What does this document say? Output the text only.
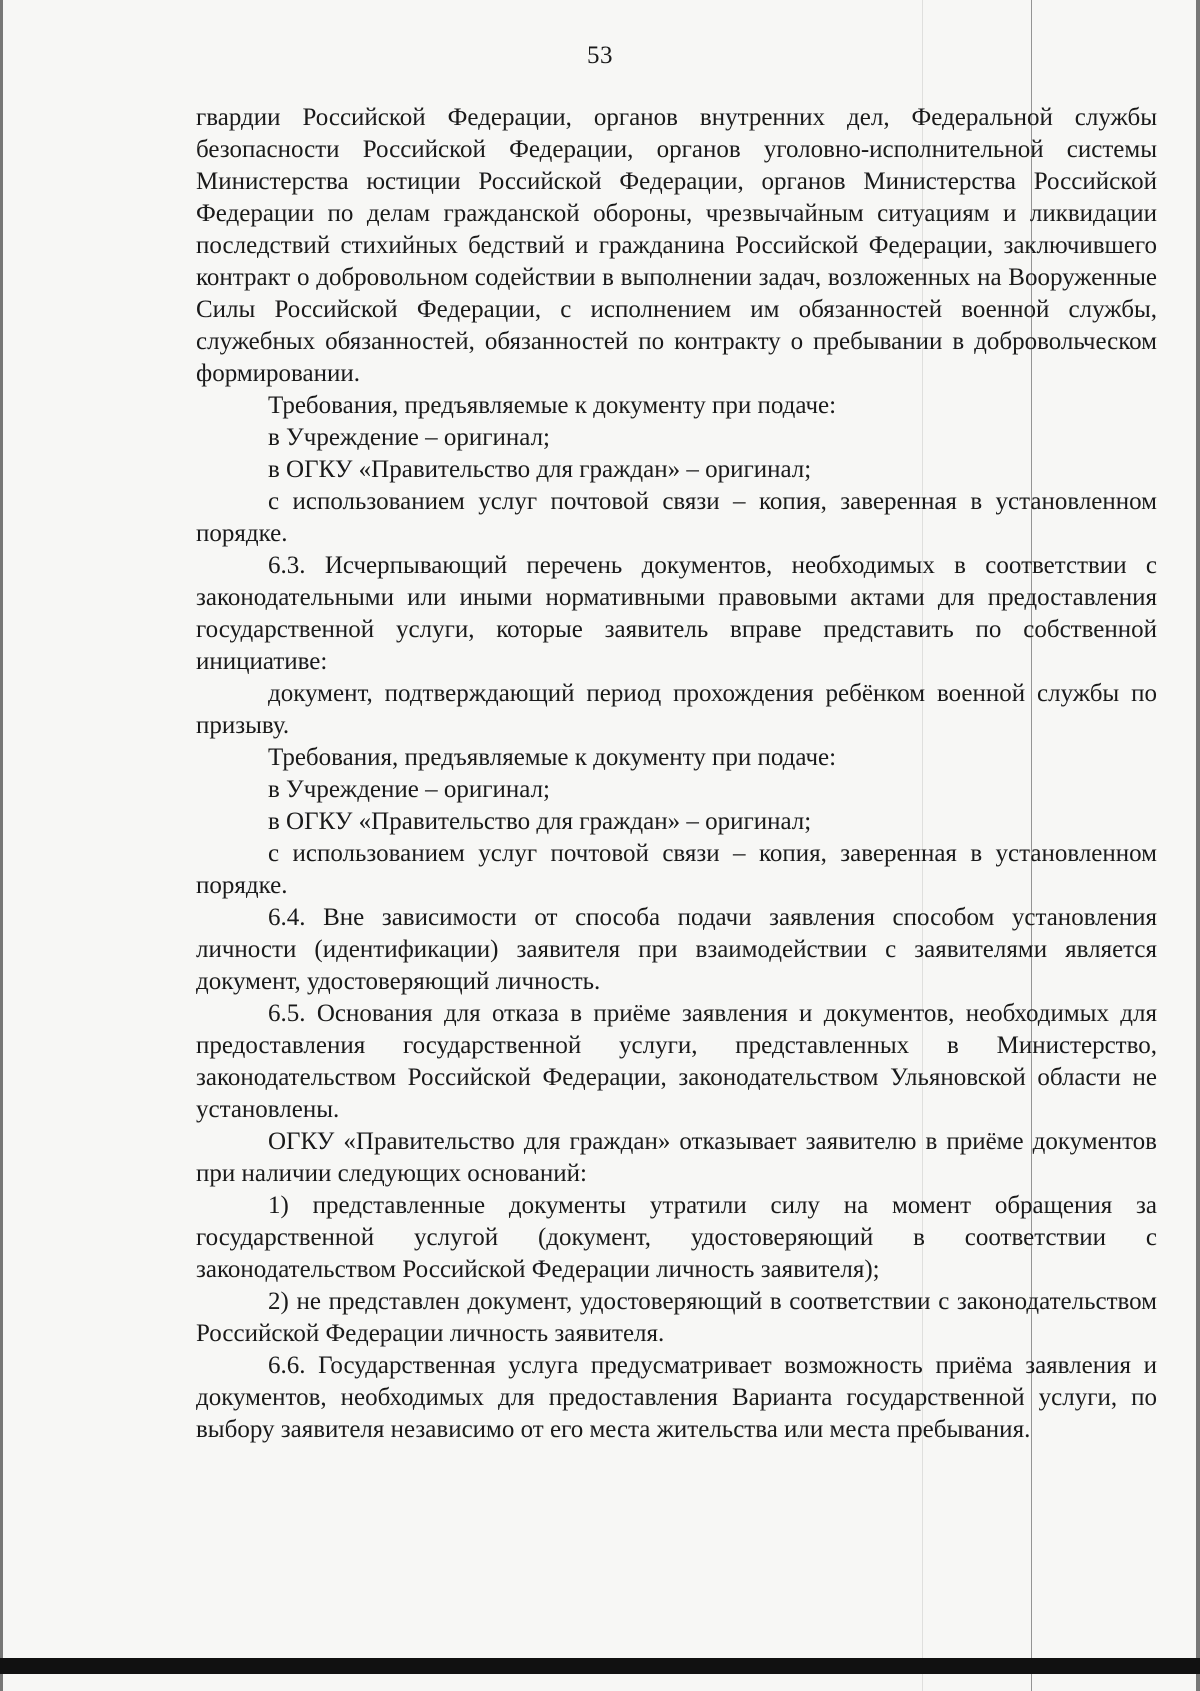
53

гвардии Российской Федерации, органов внутренних дел, Федеральной службы безопасности Российской Федерации, органов уголовно-исполнительной системы Министерства юстиции Российской Федерации, органов Министерства Российской Федерации по делам гражданской обороны, чрезвычайным ситуациям и ликвидации последствий стихийных бедствий и гражданина Российской Федерации, заключившего контракт о добровольном содействии в выполнении задач, возложенных на Вооруженные Силы Российской Федерации, с исполнением им обязанностей военной службы, служебных обязанностей, обязанностей по контракту о пребывании в добровольческом формировании.

Требования, предъявляемые к документу при подаче:

в Учреждение – оригинал;

в ОГКУ «Правительство для граждан» – оригинал;

с использованием услуг почтовой связи – копия, заверенная в установленном порядке.

6.3. Исчерпывающий перечень документов, необходимых в соответствии с законодательными или иными нормативными правовыми актами для предоставления государственной услуги, которые заявитель вправе представить по собственной инициативе:

документ, подтверждающий период прохождения ребёнком военной службы по призыву.

Требования, предъявляемые к документу при подаче:

в Учреждение – оригинал;

в ОГКУ «Правительство для граждан» – оригинал;

с использованием услуг почтовой связи – копия, заверенная в установленном порядке.

6.4. Вне зависимости от способа подачи заявления способом установления личности (идентификации) заявителя при взаимодействии с заявителями является документ, удостоверяющий личность.

6.5. Основания для отказа в приёме заявления и документов, необходимых для предоставления государственной услуги, представленных в Министерство, законодательством Российской Федерации, законодательством Ульяновской области не установлены.

ОГКУ «Правительство для граждан» отказывает заявителю в приёме документов при наличии следующих оснований:

1) представленные документы утратили силу на момент обращения за государственной услугой (документ, удостоверяющий в соответствии с законодательством Российской Федерации личность заявителя);

2) не представлен документ, удостоверяющий в соответствии с законодательством Российской Федерации личность заявителя.

6.6. Государственная услуга предусматривает возможность приёма заявления и документов, необходимых для предоставления Варианта государственной услуги, по выбору заявителя независимо от его места жительства или места пребывания.
